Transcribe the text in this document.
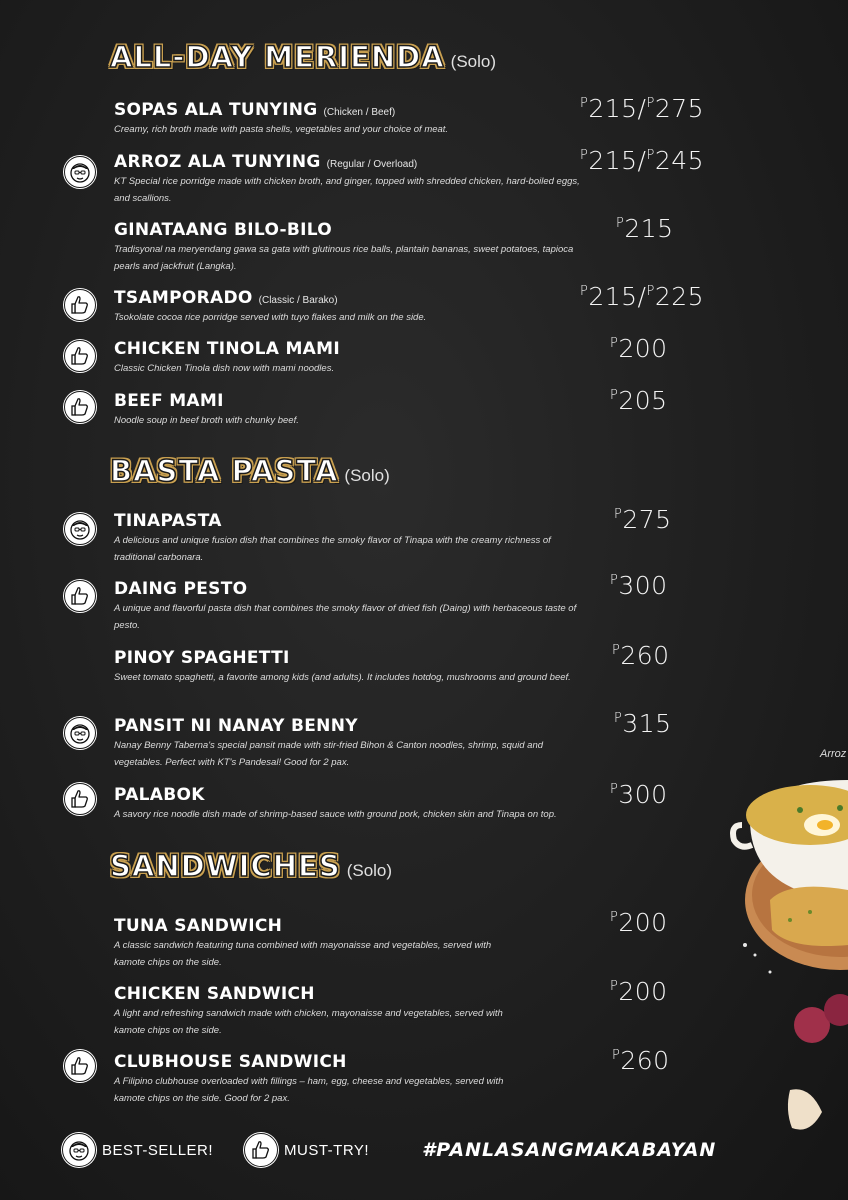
ALL-DAY MERIENDA (Solo)
BASTA PASTA (Solo)
SANDWICHES (Solo)
SOPAS ALA TUNYING (Chicken / Beef)
Creamy, rich broth made with pasta shells, vegetables and your choice of meat.
$^P$215/$^P$275
ARROZ ALA TUNYING (Regular / Overload)
KT Special rice porridge made with chicken broth, and ginger, topped with shredded chicken, hard-boiled eggs, and scallions.
$^P$215/$^P$245
GINATAANG BILO-BILO
Tradisyonal na meryendang gawa sa gata with glutinous rice balls, plantain bananas, sweet potatoes, tapioca pearls and jackfruit (Langka).
$^P$215
TSAMPORADO (Classic / Barako)
Tsokolate cocoa rice porridge served with tuyo flakes and milk on the side.
$^P$215/$^P$225
CHICKEN TINOLA MAMI
Classic Chicken Tinola dish now with mami noodles.
$^P$200
BEEF MAMI
Noodle soup in beef broth with chunky beef.
$^P$205
TINAPASTA
A delicious and unique fusion dish that combines the smoky flavor of Tinapa with the creamy richness of traditional carbonara.
$^P$275
DAING PESTO
A unique and flavorful pasta dish that combines the smoky flavor of dried fish (Daing) with herbaceous taste of pesto.
$^P$300
PINOY SPAGHETTI
Sweet tomato spaghetti, a favorite among kids (and adults). It includes hotdog, mushrooms and ground beef.
$^P$260
PANSIT NI NANAY BENNY
Nanay Benny Taberna's special pansit made with stir-fried Bihon & Canton noodles, shrimp, squid and vegetables. Perfect with KT's Pandesal! Good for 2 pax.
$^P$315
PALABOK
A savory rice noodle dish made of shrimp-based sauce with ground pork, chicken skin and Tinapa on top.
$^P$300
TUNA SANDWICH
A classic sandwich featuring tuna combined with mayonaisse and vegetables, served with kamote chips on the side.
$^P$200
CHICKEN SANDWICH
A light and refreshing sandwich made with chicken, mayonaisse and vegetables, served with kamote chips on the side.
$^P$200
CLUBHOUSE SANDWICH
A Filipino clubhouse overloaded with fillings – ham, egg, cheese and vegetables, served with kamote chips on the side. Good for 2 pax.
$^P$260
Arroz
BEST-SELLER!	MUST-TRY!	#PANLASANGMAKABAYAN
